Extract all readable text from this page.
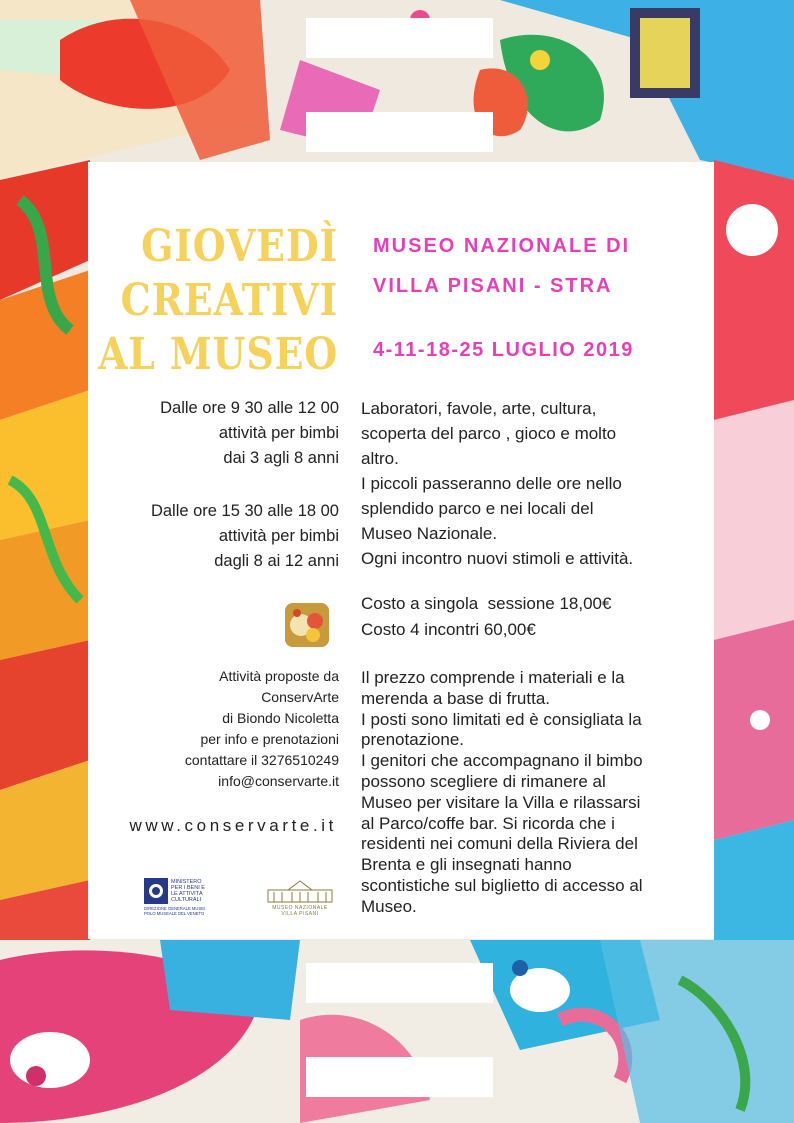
GIOVEDÌ
CREATIVI
AL MUSEO
MUSEO NAZIONALE DI
VILLA PISANI - STRA
4-11-18-25 LUGLIO 2019
Dalle ore 9 30 alle 12 00
attività per bimbi
dai 3 agli 8 anni
Dalle ore 15 30 alle 18 00
attività per bimbi
dagli 8 ai 12 anni
Attività proposte da
ConservArte
di Biondo Nicoletta
per info e prenotazioni
contattare il 3276510249
info@conservarte.it
www.conservarte.it
MINISTERO
PER I BENI E
LE ATTIVITÀ
CULTURALI
DIREZIONE GENERALE MUSEI
POLO MUSEALE DEL VENETO
MUSEO NAZIONALE
VILLA PISANI
Laboratori, favole, arte, cultura,
scoperta del parco , gioco e molto
altro.
I piccoli passeranno delle ore nello
splendido parco e nei locali del
Museo Nazionale.
Ogni incontro nuovi stimoli e attività.
Costo a singola  sessione 18,00€
Costo 4 incontri 60,00€
Il prezzo comprende i materiali e la
merenda a base di frutta.
I posti sono limitati ed è consigliata la
prenotazione.
I genitori che accompagnano il bimbo
possono scegliere di rimanere al
Museo per visitare la Villa e rilassarsi
al Parco/coffe bar. Si ricorda che i
residenti nei comuni della Riviera del
Brenta e gli insegnati hanno
scontistiche sul biglietto di accesso al
Museo.
